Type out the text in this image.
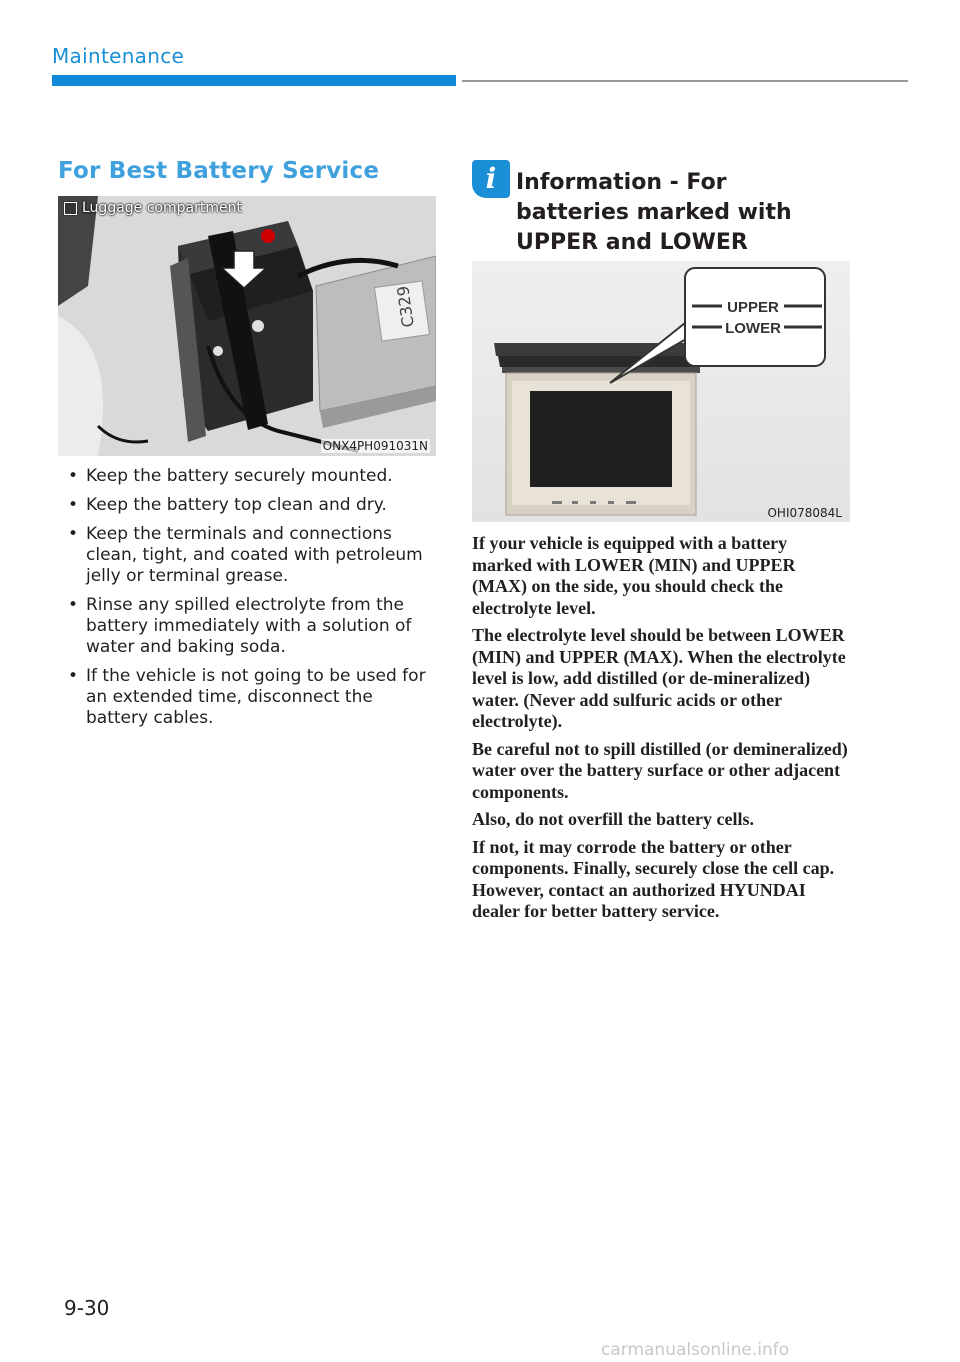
Maintenance
For Best Battery Service
C329
Luggage compartment
ONX4PH091031N
• Keep the battery securely mounted.
• Keep the battery top clean and dry.
• Keep the terminals and connections clean, tight, and coated with petroleum jelly or terminal grease.
• Rinse any spilled electrolyte from the battery immediately with a solution of water and baking soda.
• If the vehicle is not going to be used for an extended time, disconnect the battery cables.
i Information - For batteries marked with UPPER and LOWER
UPPER
LOWER
OHI078084L

If your vehicle is equipped with a battery marked with LOWER (MIN) and UPPER (MAX) on the side, you should check the electrolyte level.

The electrolyte level should be between LOWER (MIN) and UPPER (MAX). When the electrolyte level is low, add distilled (or de-mineralized) water. (Never add sulfuric acids or other electrolyte).

Be careful not to spill distilled (or demineralized) water over the battery surface or other adjacent components.

Also, do not overfill the battery cells.

If not, it may corrode the battery or other components. Finally, securely close the cell cap. However, contact an authorized HYUNDAI dealer for better battery service.

9-30

carmanualsonline.info
